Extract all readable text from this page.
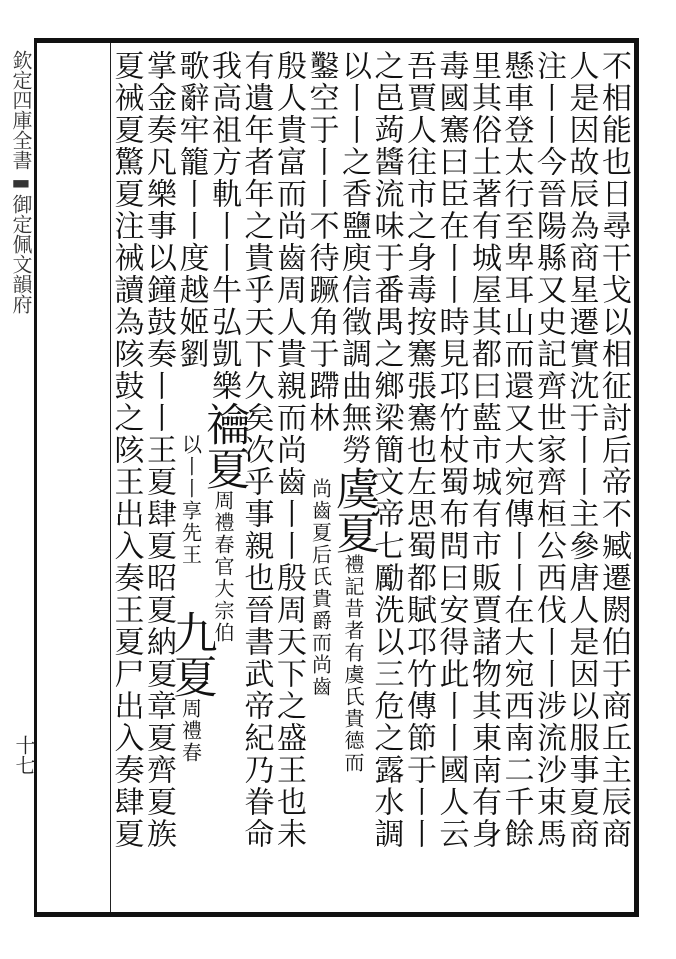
欽定四庫全書▬御定佩文韻府
十七	不相能也日尋干戈以相征討后帝不臧遷閼伯于商丘主辰商
人是因故辰為商星遷實沈于丨丨主參唐人是因以服事夏商
注丨丨今晉陽縣又史記齊世家齊桓公西伐丨丨涉流沙束馬
懸車登太行至卑耳山而還又大宛傳丨丨在大宛西南二千餘
里其俗土著有城屋其都曰藍市城有市販賈諸物其東南有身
毒國騫曰臣在丨丨時見邛竹杖蜀布問曰安得此丨丨國人云
吾賈人往市之身毒按騫張騫也左思蜀都賦邛竹傳節于丨丨
之邑蒟醬流味于番禺之鄉梁簡文帝七勵洗以三危之露水調
以丨丨之香鹽庾信徵調曲無勞虞夏禮記昔者有虞氏貴德而
鑿空于丨丨不待蹶角于蹛林　　尚齒夏后氏貴爵而尚齒
殷人貴富而尚齒周人貴親而尚齒丨丨殷周天下之盛王也未
有遺年者年之貴乎天下久矣次乎事親也晉書武帝紀乃眷命
我高祖方軌丨丨牛弘凱樂禴夏周禮春官大宗伯
歌辭牢籠丨丨度越姬劉　　以丨丨享先王　　九夏周禮春
掌金奏凡樂事以鐘鼓奏丨丨王夏肆夏昭夏納夏章夏齊夏族
夏祴夏驚夏注祴讀為陔鼓之陔王出入奏王夏尸出入奏肆夏
